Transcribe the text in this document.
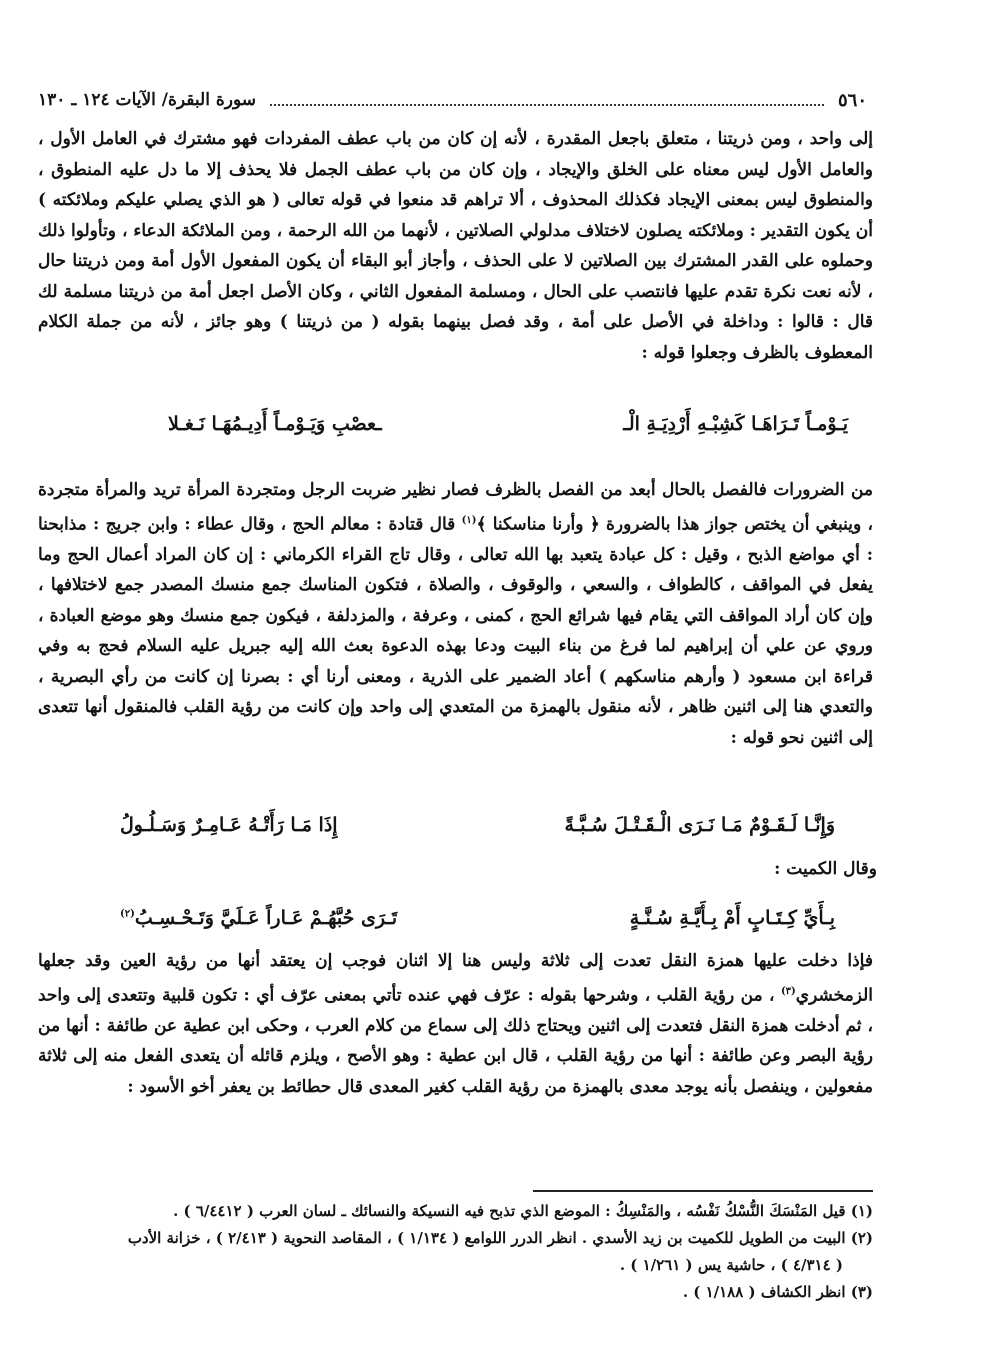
٥٦٠
سورة البقرة/ الآيات ١٢٤ ـ ١٣٠
إلى واحد ، ومن ذريتنا ، متعلق باجعل المقدرة ، لأنه إن كان من باب عطف المفردات فهو مشترك في العامل الأول ، والعامل الأول ليس معناه على الخلق والإيجاد ، وإن كان من باب عطف الجمل فلا يحذف إلا ما دل عليه المنطوق ، والمنطوق ليس بمعنى الإيجاد فكذلك المحذوف ، ألا تراهم قد منعوا في قوله تعالى ( هو الذي يصلي عليكم وملائكته ) أن يكون التقدير : وملائكته يصلون لاختلاف مدلولي الصلاتين ، لأنهما من الله الرحمة ، ومن الملائكة الدعاء ، وتأولوا ذلك وحملوه على القدر المشترك بين الصلاتين لا على الحذف ، وأجاز أبو البقاء أن يكون المفعول الأول أمة ومن ذريتنا حال ، لأنه نعت نكرة تقدم عليها فانتصب على الحال ، ومسلمة المفعول الثاني ، وكان الأصل اجعل أمة من ذريتنا مسلمة لك قال : قالوا : وداخلة في الأصل على أمة ، وقد فصل بينهما بقوله ( من ذريتنا ) وهو جائز ، لأنه من جملة الكلام المعطوف بالظرف وجعلوا قوله :
يَـوْمـاً تَـرَاهَـا كَشِبْـهِ أَرْدِيَـةِ الْـ
ـعصْبِ وَيَـوْمـاً أَدِيـمُهَـا نَـغـلا
من الضرورات فالفصل بالحال أبعد من الفصل بالظرف فصار نظير ضربت الرجل ومتجردة المرأة تريد والمرأة متجردة ، وينبغي أن يختص جواز هذا بالضرورة ﴿ وأرنا مناسكنا ﴾$^{(١)}$ قال قتادة : معالم الحج ، وقال عطاء : وابن جريج : مذابحنا : أي مواضع الذبح ، وقيل : كل عبادة يتعبد بها الله تعالى ، وقال تاج القراء الكرماني : إن كان المراد أعمال الحج وما يفعل في المواقف ، كالطواف ، والسعي ، والوقوف ، والصلاة ، فتكون المناسك جمع منسك المصدر جمع لاختلافها ، وإن كان أراد المواقف التي يقام فيها شرائع الحج ، كمنى ، وعرفة ، والمزدلفة ، فيكون جمع منسك وهو موضع العبادة ، وروي عن علي أن إبراهيم لما فرغ من بناء البيت ودعا بهذه الدعوة بعث الله إليه جبريل عليه السلام فحج به وفي قراءة ابن مسعود ( وأرهم مناسكهم ) أعاد الضمير على الذرية ، ومعنى أرنا أي : بصرنا إن كانت من رأي البصرية ، والتعدي هنا إلى اثنين ظاهر ، لأنه منقول بالهمزة من المتعدي إلى واحد وإن كانت من رؤية القلب فالمنقول أنها تتعدى إلى اثنين نحو قوله :
وَإِنَّـا لَـقَـوْمٌ مَـا نَـرَى الْـقَـتْـلَ سُـبَّـةً
إِذَا مَـا رَأَتْـهُ عَـامِـرٌ وَسَـلُـولُ
وقال الكميت :
بِـأَيِّ كِـتَـابٍ أَمْ بِـأَيَّـةِ سُـنَّـةٍ
تَـرَى حُبَّهُـمْ عَـاراً عَـلَيَّ وَتَـحْـسِـبُ$^{(٢)}$
فإذا دخلت عليها همزة النقل تعدت إلى ثلاثة وليس هنا إلا اثنان فوجب إن يعتقد أنها من رؤية العين وقد جعلها الزمخشري$^{(٣)}$ ، من رؤية القلب ، وشرحها بقوله : عرّف فهي عنده تأتي بمعنى عرّف أي : تكون قلبية وتتعدى إلى واحد ، ثم أدخلت همزة النقل فتعدت إلى اثنين ويحتاج ذلك إلى سماع من كلام العرب ، وحكى ابن عطية عن طائفة : أنها من رؤية البصر وعن طائفة : أنها من رؤية القلب ، قال ابن عطية : وهو الأصح ، ويلزم قائله أن يتعدى الفعل منه إلى ثلاثة مفعولين ، وينفصل بأنه يوجد معدى بالهمزة من رؤية القلب كغير المعدى قال حطائط بن يعفر أخو الأسود :
(١) قيل المَنْسَكَ النُّسْكُ نَفْسُه ، والمَنْسِكُ : الموضع الذي تذبح فيه النسيكة والنسائك ـ لسان العرب ( ٦/٤٤١٢ ) .
(٢) البيت من الطويل للكميت بن زيد الأسدي . انظر الدرر اللوامع ( ١/١٣٤ ) ، المقاصد النحوية ( ٢/٤١٣ ) ، خزانة الأدب
( ٤/٣١٤ ) ، حاشية يس ( ١/٢٦١ ) .
(٣) انظر الكشاف ( ١/١٨٨ ) .
